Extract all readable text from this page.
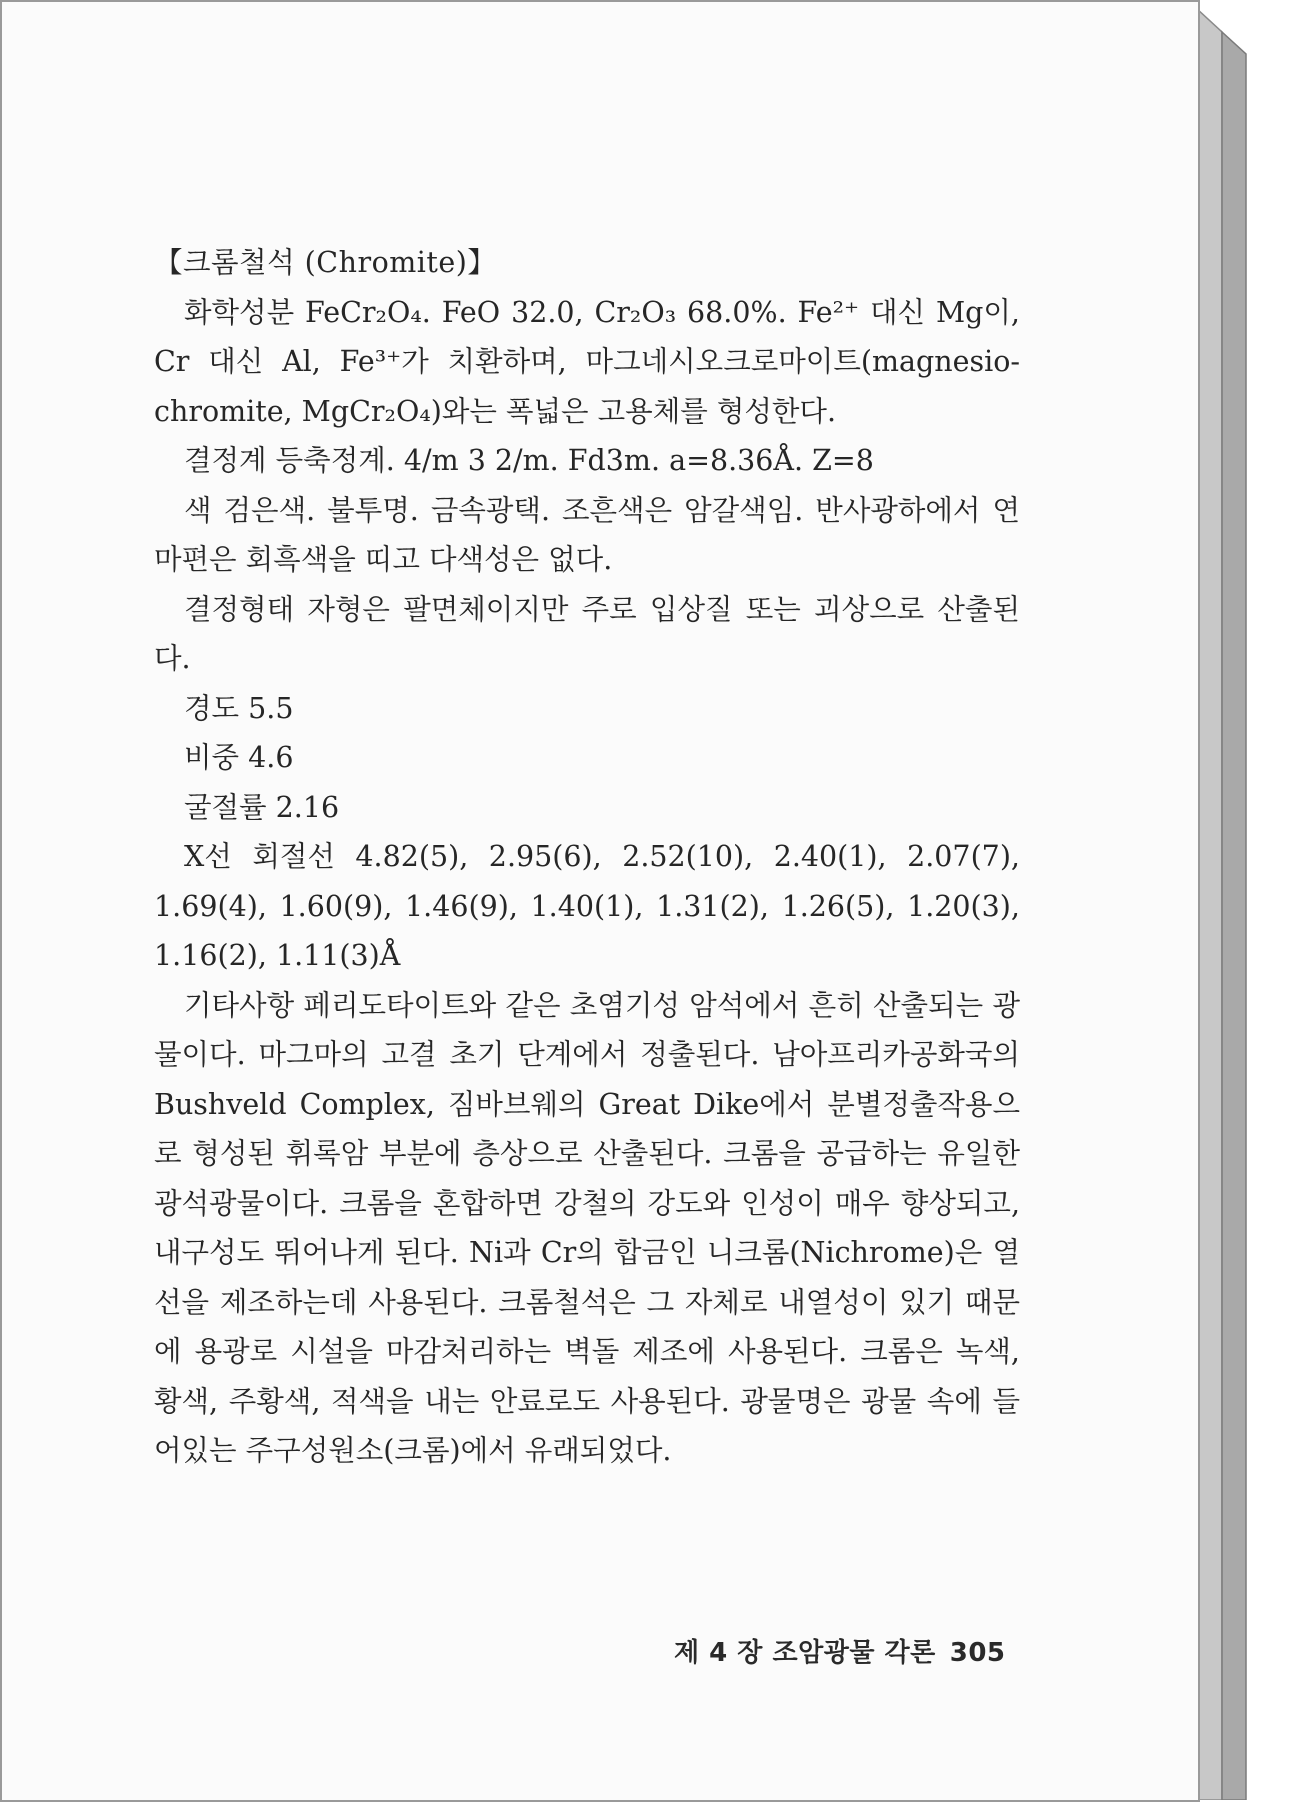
【크롬철석 (Chromite)】

화학성분 FeCr₂O₄. FeO 32.0, Cr₂O₃ 68.0%. Fe²⁺ 대신 Mg이, Cr 대신 Al, Fe³⁺가 치환하며, 마그네시오크로마이트(magnesio-chromite, MgCr₂O₄)와는 폭넓은 고용체를 형성한다.

결정계 등축정계. 4/m 3 2/m. Fd3m. a=8.36Å. Z=8

색 검은색. 불투명. 금속광택. 조흔색은 암갈색임. 반사광하에서 연마편은 회흑색을 띠고 다색성은 없다.

결정형태 자형은 팔면체이지만 주로 입상질 또는 괴상으로 산출된다.

경도 5.5

비중 4.6

굴절률 2.16

X선 회절선 4.82(5), 2.95(6), 2.52(10), 2.40(1), 2.07(7), 1.69(4), 1.60(9), 1.46(9), 1.40(1), 1.31(2), 1.26(5), 1.20(3), 1.16(2), 1.11(3)Å

기타사항 페리도타이트와 같은 초염기성 암석에서 흔히 산출되는 광물이다. 마그마의 고결 초기 단계에서 정출된다. 남아프리카공화국의 Bushveld Complex, 짐바브웨의 Great Dike에서 분별정출작용으로 형성된 휘록암 부분에 층상으로 산출된다. 크롬을 공급하는 유일한 광석광물이다. 크롬을 혼합하면 강철의 강도와 인성이 매우 향상되고, 내구성도 뛰어나게 된다. Ni과 Cr의 합금인 니크롬(Nichrome)은 열선을 제조하는데 사용된다. 크롬철석은 그 자체로 내열성이 있기 때문에 용광로 시설을 마감처리하는 벽돌 제조에 사용된다. 크롬은 녹색, 황색, 주황색, 적색을 내는 안료로도 사용된다. 광물명은 광물 속에 들어있는 주구성원소(크롬)에서 유래되었다.

제 4 장 조암광물 각론 305
